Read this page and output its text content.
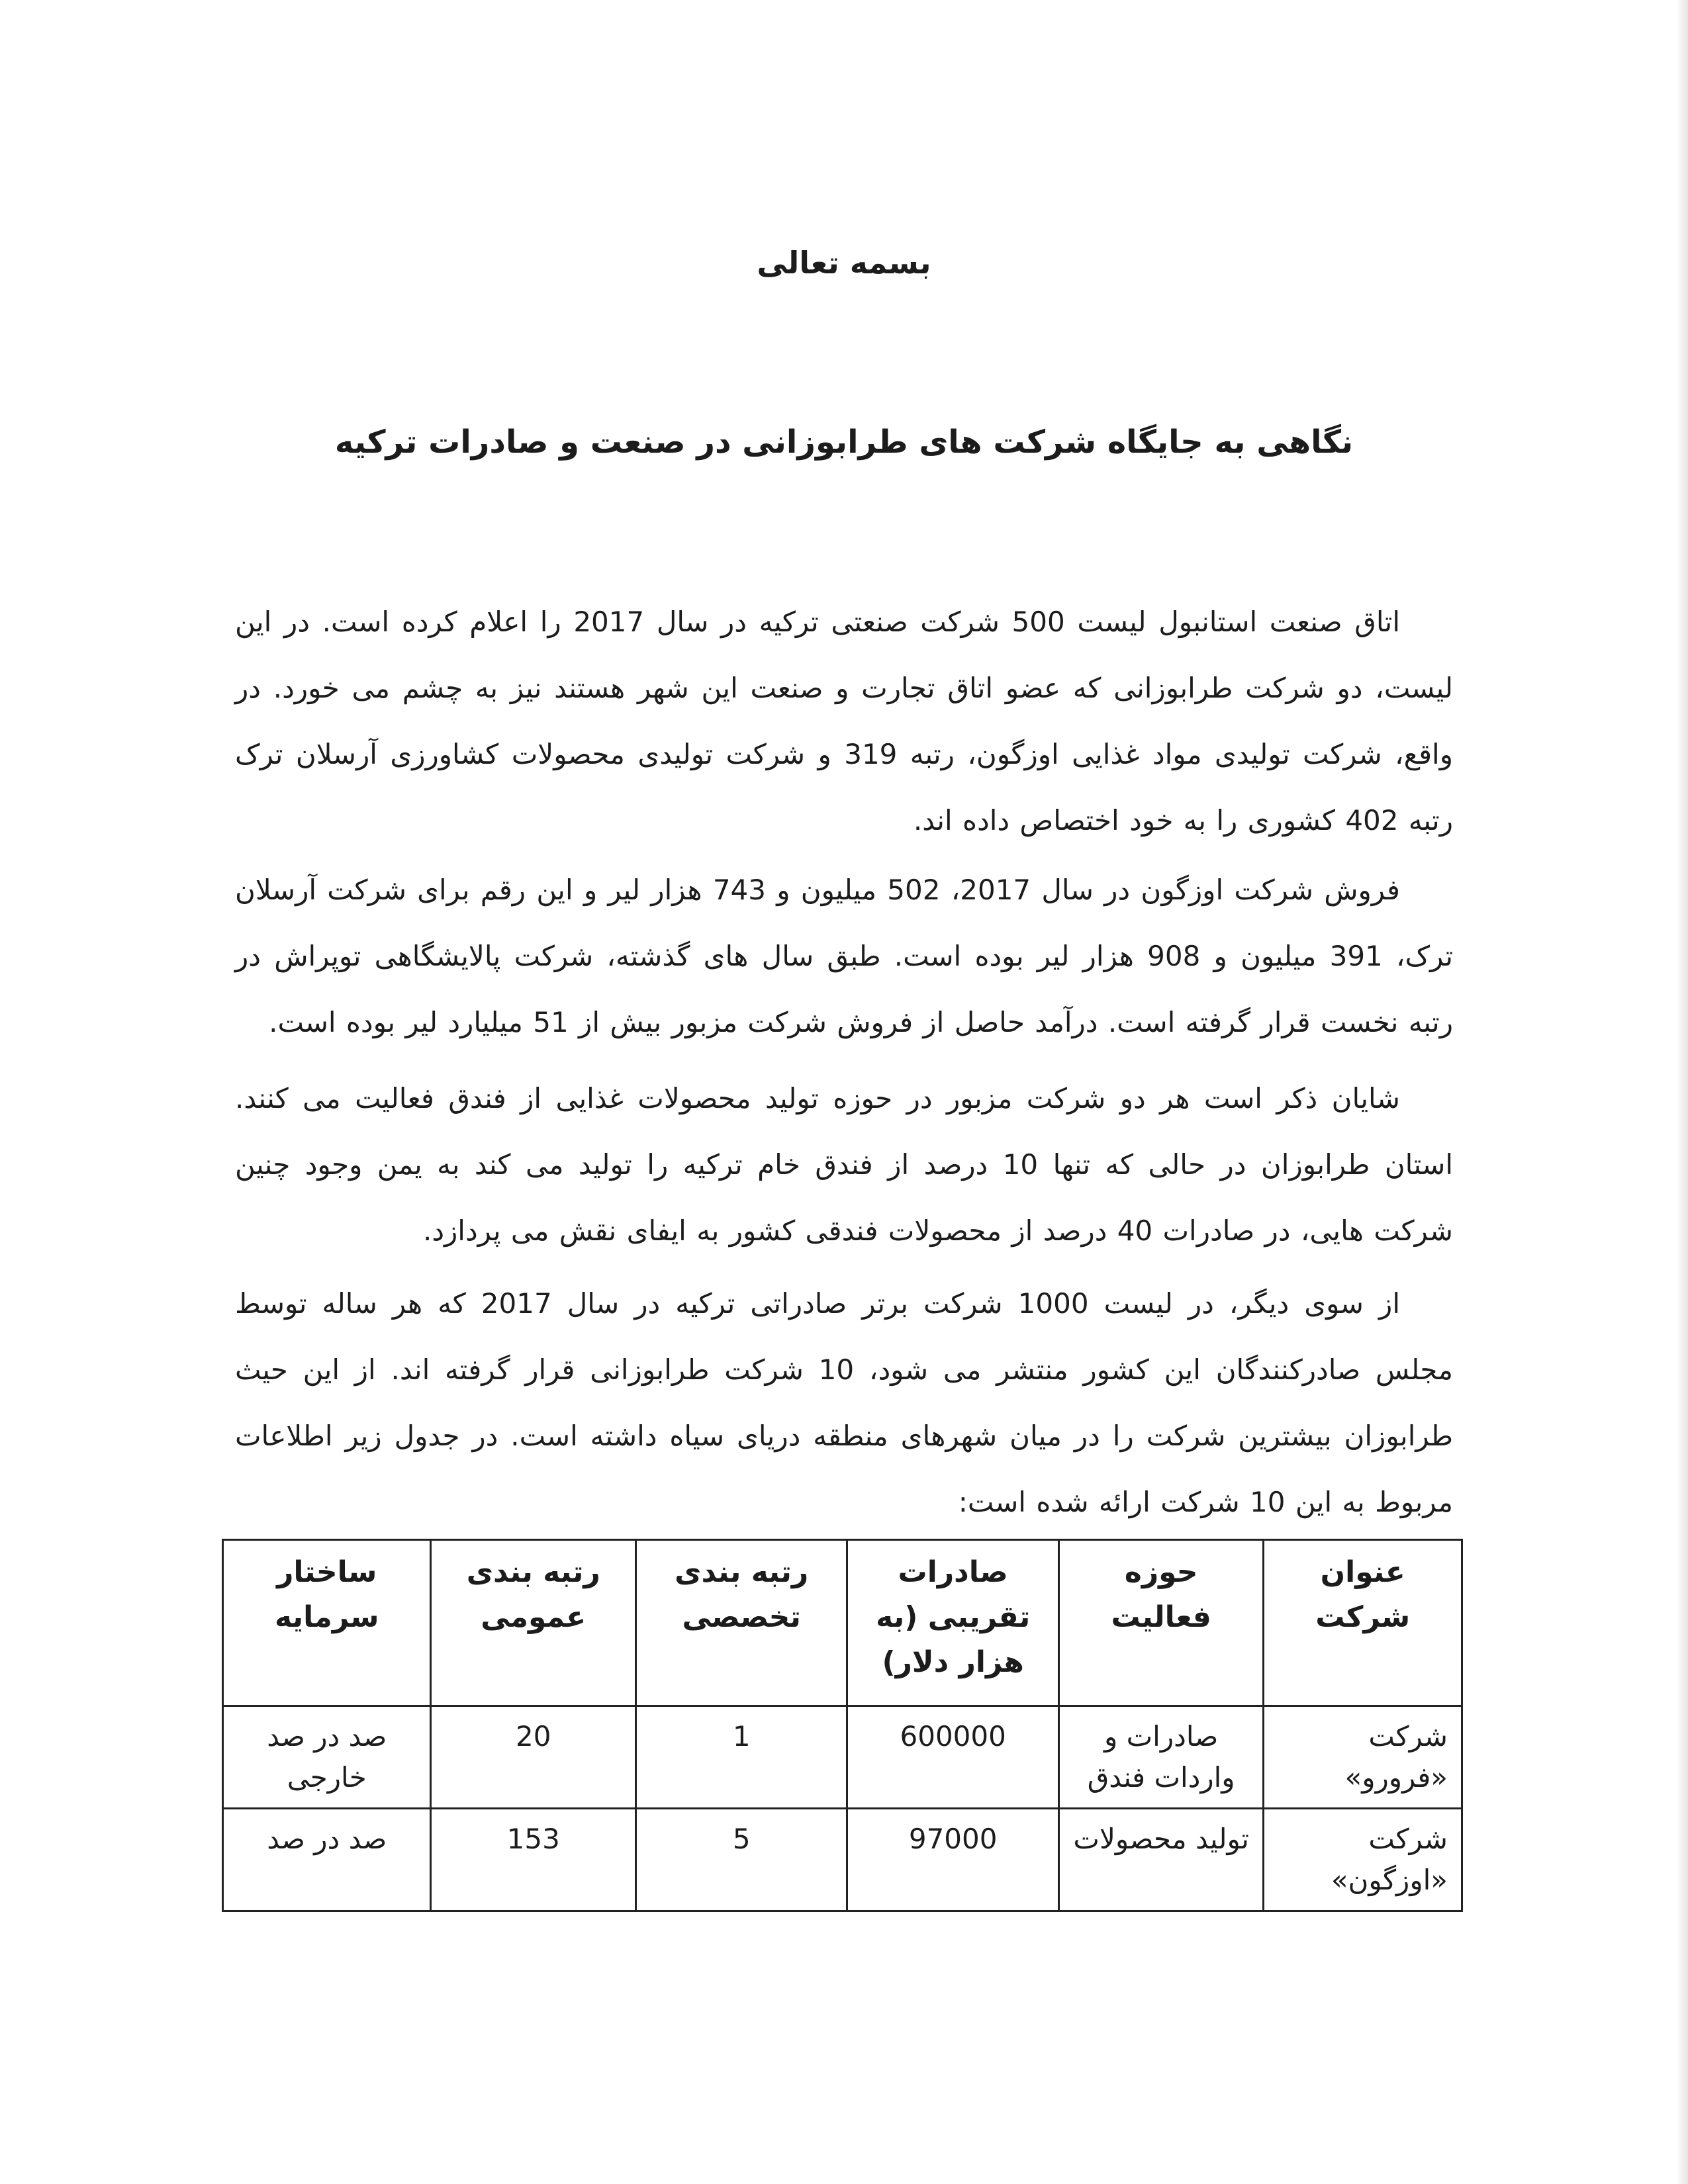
بسمه تعالی
نگاهی به جایگاه شرکت های طرابوزانی در صنعت و صادرات ترکیه

اتاق صنعت استانبول لیست 500 شرکت صنعتی ترکیه در سال 2017 را اعلام کرده است. در این لیست، دو شرکت طرابوزانی که عضو اتاق تجارت و صنعت این شهر هستند نیز به چشم می خورد. در واقع، شرکت تولیدی مواد غذایی اوزگون، رتبه 319 و شرکت تولیدی محصولات کشاورزی آرسلان ترک رتبه 402 کشوری را به خود اختصاص داده اند.

فروش شرکت اوزگون در سال 2017، 502 میلیون و 743 هزار لیر و این رقم برای شرکت آرسلان ترک، 391 میلیون و 908 هزار لیر بوده است. طبق سال های گذشته، شرکت پالایشگاهی توپراش در رتبه نخست قرار گرفته است. درآمد حاصل از فروش شرکت مزبور بیش از 51 میلیارد لیر بوده است.

شایان ذکر است هر دو شرکت مزبور در حوزه تولید محصولات غذایی از فندق فعالیت می کنند. استان طرابوزان در حالی که تنها 10 درصد از فندق خام ترکیه را تولید می کند به یمن وجود چنین شرکت هایی، در صادرات 40 درصد از محصولات فندقی کشور به ایفای نقش می پردازد.

از سوی دیگر، در لیست 1000 شرکت برتر صادراتی ترکیه در سال 2017 که هر ساله توسط مجلس صادرکنندگان این کشور منتشر می شود، 10 شرکت طرابوزانی قرار گرفته اند. از این حیث طرابوزان بیشترین شرکت را در میان شهرهای منطقه دریای سیاه داشته است. در جدول زیر اطلاعات مربوط به این 10 شرکت ارائه شده است:

عنوان شرکت	حوزه فعالیت	صادرات تقریبی (به هزار دلار)	رتبه بندی تخصصی	رتبه بندی عمومی	ساختار سرمایه
شرکت «فرورو»	صادرات و واردات فندق	600000	1	20	صد در صد خارجی
شرکت «اوزگون»	تولید محصولات	97000	5	153	صد در صد
